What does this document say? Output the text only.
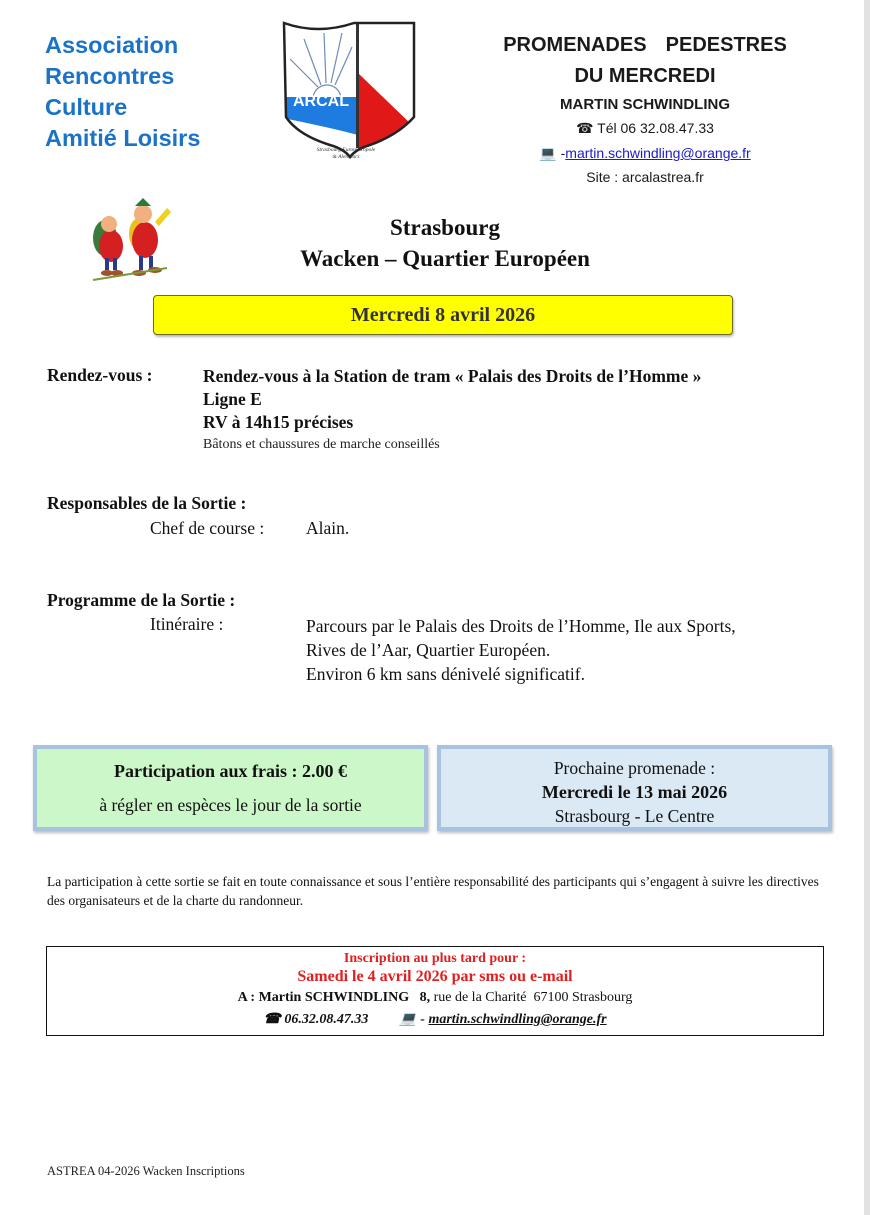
Association
Rencontres
Culture
Amitié Loisirs
ARCAL
Strasbourg Eurométropole
& Alentours
PROMENADES  PEDESTRES
DU MERCREDI
MARTIN SCHWINDLING
☎ Tél 06 32.08.47.33
💻 -martin.schwindling@orange.fr
Site : arcalastrea.fr
Strasbourg
Wacken – Quartier Européen
Mercredi 8 avril 2026
Rendez-vous :	Rendez-vous à la Station de tram « Palais des Droits de l’Homme »
Ligne E
RV à 14h15 précises
Bâtons et chaussures de marche conseillés
Responsables de la Sortie :
Chef de course : Alain.
Programme de la Sortie :
Itinéraire :	Parcours par le Palais des Droits de l’Homme, Ile aux Sports,
Rives de l’Aar, Quartier Européen.
Environ 6 km sans dénivelé significatif.
Participation aux frais : 2.00 €
à régler en espèces le jour de la sortie
Prochaine promenade :
Mercredi le 13 mai 2026
Strasbourg - Le Centre
La participation à cette sortie se fait en toute connaissance et sous l’entière responsabilité des participants qui s’engagent à suivre les directives des organisateurs et de la charte du randonneur.
Inscription au plus tard pour :
Samedi le 4 avril 2026 par sms ou e-mail
A : Martin SCHWINDLING 8, rue de la Charité  67100 Strasbourg
☎ 06.32.08.47.33 💻 - martin.schwindling@orange.fr
ASTREA 04-2026 Wacken Inscriptions
